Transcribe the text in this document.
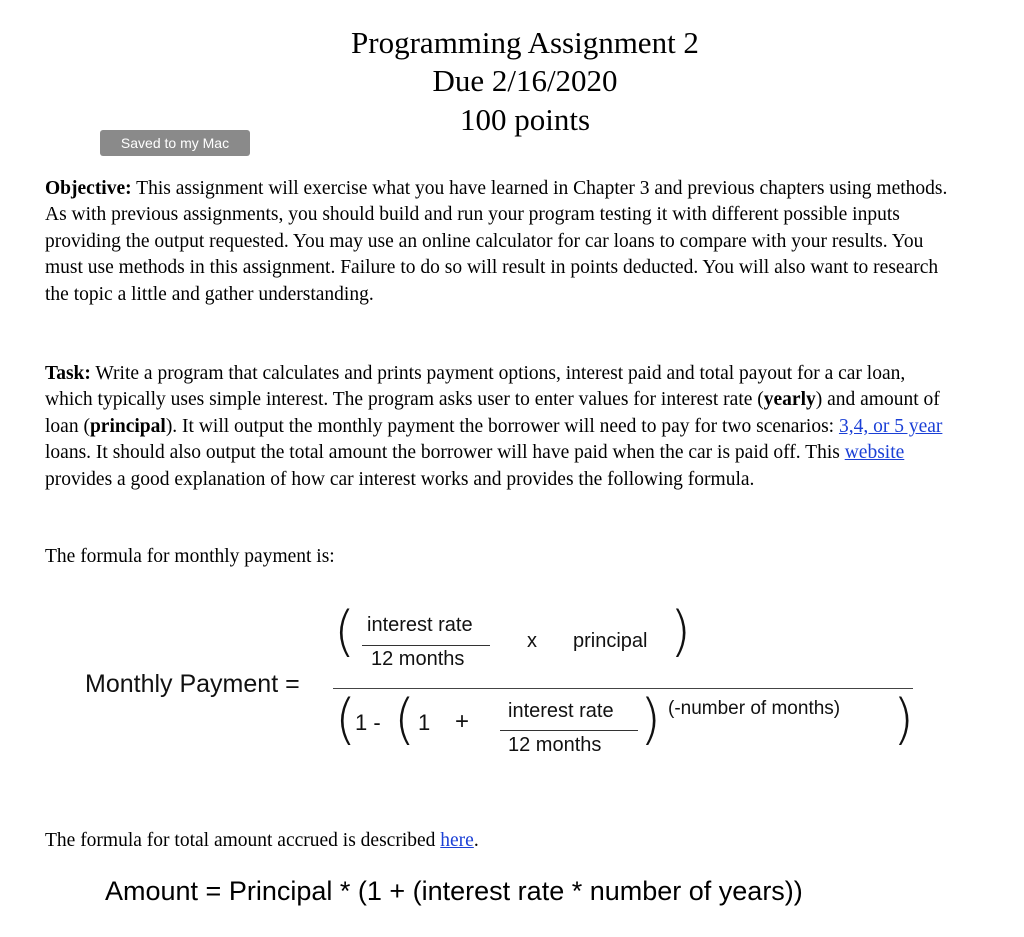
Programming Assignment 2
Due 2/16/2020
100 points
Saved to my Mac

Objective: This assignment will exercise what you have learned in Chapter 3 and previous chapters using methods. As with previous assignments, you should build and run your program testing it with different possible inputs providing the output requested. You may use an online calculator for car loans to compare with your results. You must use methods in this assignment. Failure to do so will result in points deducted. You will also want to research the topic a little and gather understanding.

Task: Write a program that calculates and prints payment options, interest paid and total payout for a car loan, which typically uses simple interest. The program asks user to enter values for interest rate (yearly) and amount of loan (principal). It will output the monthly payment the borrower will need to pay for two scenarios: 3,4, or 5 year loans. It should also output the total amount the borrower will have paid when the car is paid off. This website provides a good explanation of how car interest works and provides the following formula.

The formula for monthly payment is:

Monthly Payment =
( interest rate
12 months
x principal )
(
1 - ( 1 + interest rate
12 months ) (-number of months) )

The formula for total amount accrued is described here.

Amount = Principal * (1 + (interest rate * number of years))
